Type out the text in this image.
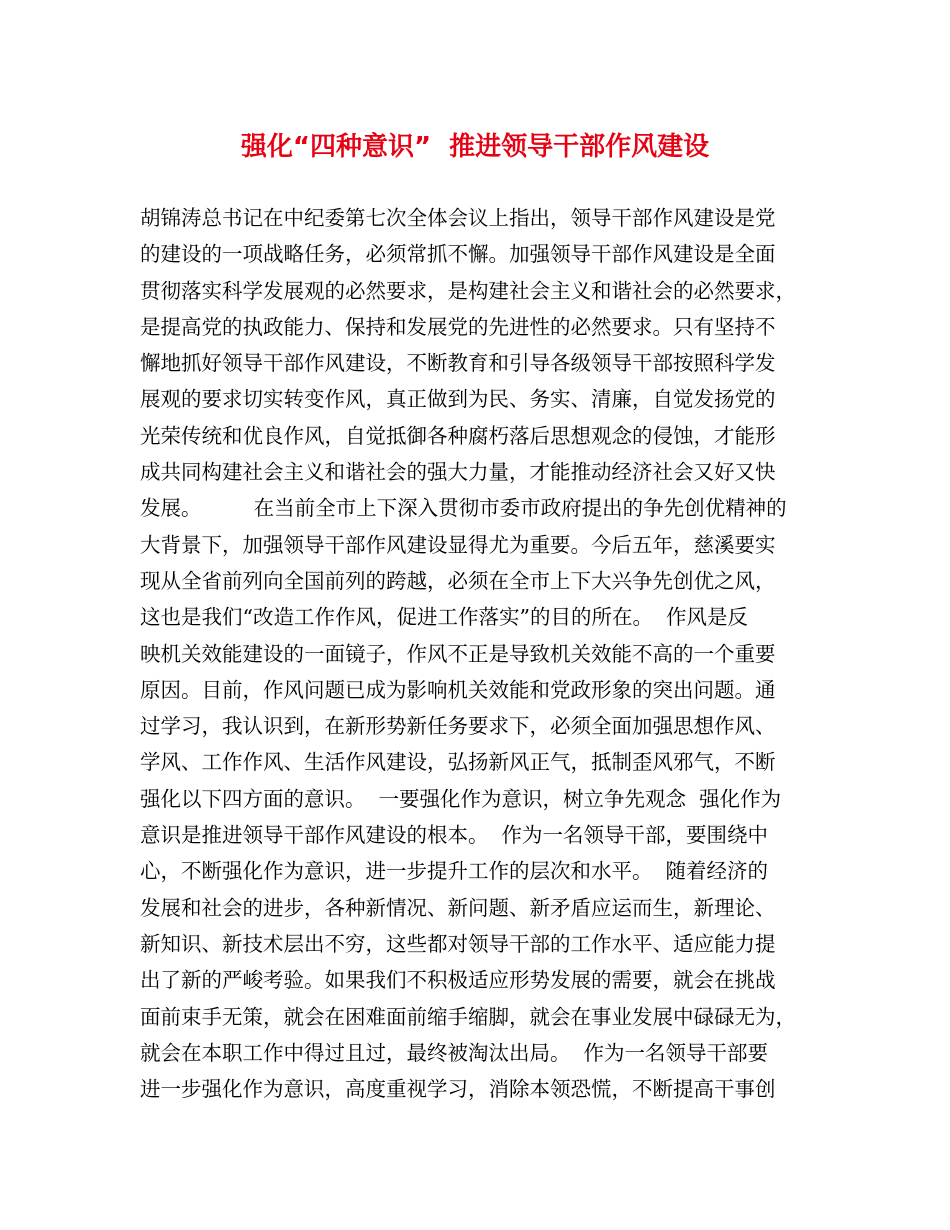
强化“四种意识”  推进领导干部作风建设
胡锦涛总书记在中纪委第七次全体会议上指出，领导干部作风建设是党
的建设的一项战略任务，必须常抓不懈。加强领导干部作风建设是全面
贯彻落实科学发展观的必然要求，是构建社会主义和谐社会的必然要求，
是提高党的执政能力、保持和发展党的先进性的必然要求。只有坚持不
懈地抓好领导干部作风建设，不断教育和引导各级领导干部按照科学发
展观的要求切实转变作风，真正做到为民、务实、清廉，自觉发扬党的
光荣传统和优良作风，自觉抵御各种腐朽落后思想观念的侵蚀，才能形
成共同构建社会主义和谐社会的强大力量，才能推动经济社会又好又快
发展。        在当前全市上下深入贯彻市委市政府提出的争先创优精神的
大背景下，加强领导干部作风建设显得尤为重要。今后五年，慈溪要实
现从全省前列向全国前列的跨越，必须在全市上下大兴争先创优之风，
这也是我们“改造工作作风，促进工作落实”的目的所在。  作风是反
映机关效能建设的一面镜子，作风不正是导致机关效能不高的一个重要
原因。目前，作风问题已成为影响机关效能和党政形象的突出问题。通
过学习，我认识到，在新形势新任务要求下，必须全面加强思想作风、
学风、工作作风、生活作风建设，弘扬新风正气，抵制歪风邪气，不断
强化以下四方面的意识。  一要强化作为意识，树立争先观念  强化作为
意识是推进领导干部作风建设的根本。  作为一名领导干部，要围绕中
心，不断强化作为意识，进一步提升工作的层次和水平。  随着经济的
发展和社会的进步，各种新情况、新问题、新矛盾应运而生，新理论、
新知识、新技术层出不穷，这些都对领导干部的工作水平、适应能力提
出了新的严峻考验。如果我们不积极适应形势发展的需要，就会在挑战
面前束手无策，就会在困难面前缩手缩脚，就会在事业发展中碌碌无为，
就会在本职工作中得过且过，最终被淘汰出局。  作为一名领导干部要
进一步强化作为意识，高度重视学习，消除本领恐慌，不断提高干事创
